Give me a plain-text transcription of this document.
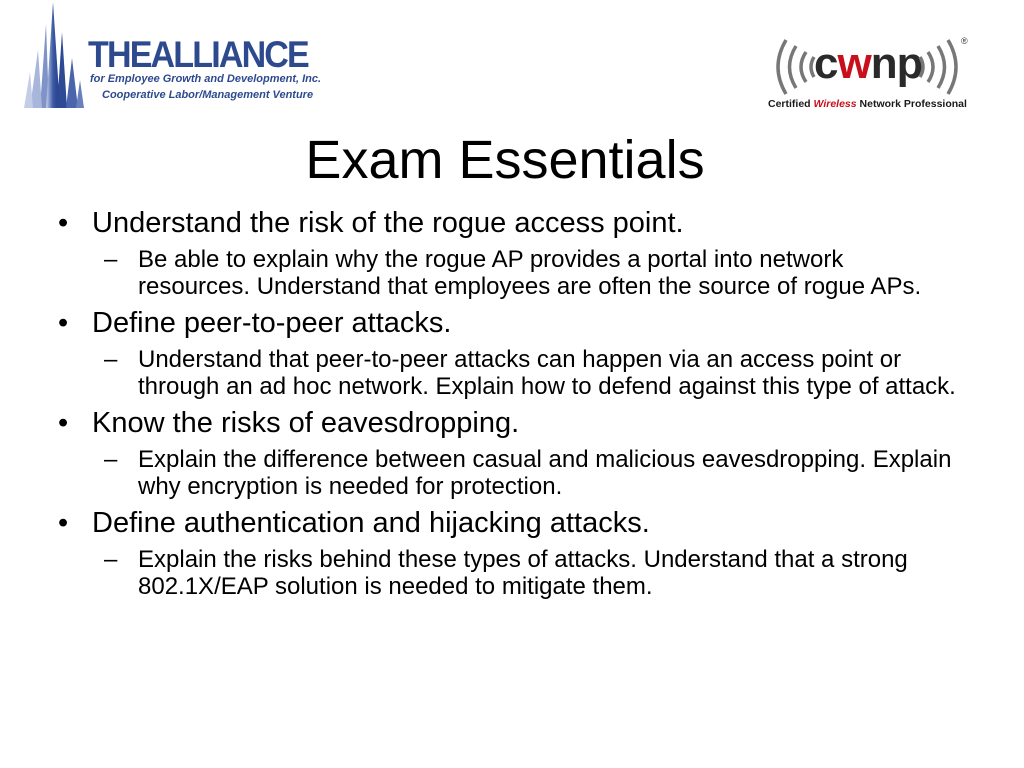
THEALLIANCE
for Employee Growth and Development, Inc.
Cooperative Labor/Management Venture
cwnp	®
Certified Wireless Network Professional
Exam Essentials
• Understand the risk of the rogue access point.
– Be able to explain why the rogue AP provides a portal into network resources. Understand that employees are often the source of rogue APs.
• Define peer-to-peer attacks.
– Understand that peer-to-peer attacks can happen via an access point or through an ad hoc network. Explain how to defend against this type of attack.
• Know the risks of eavesdropping.
– Explain the difference between casual and malicious eavesdropping. Explain why encryption is needed for protection.
• Define authentication and hijacking attacks.
– Explain the risks behind these types of attacks. Understand that a strong 802.1X/EAP solution is needed to mitigate them.
